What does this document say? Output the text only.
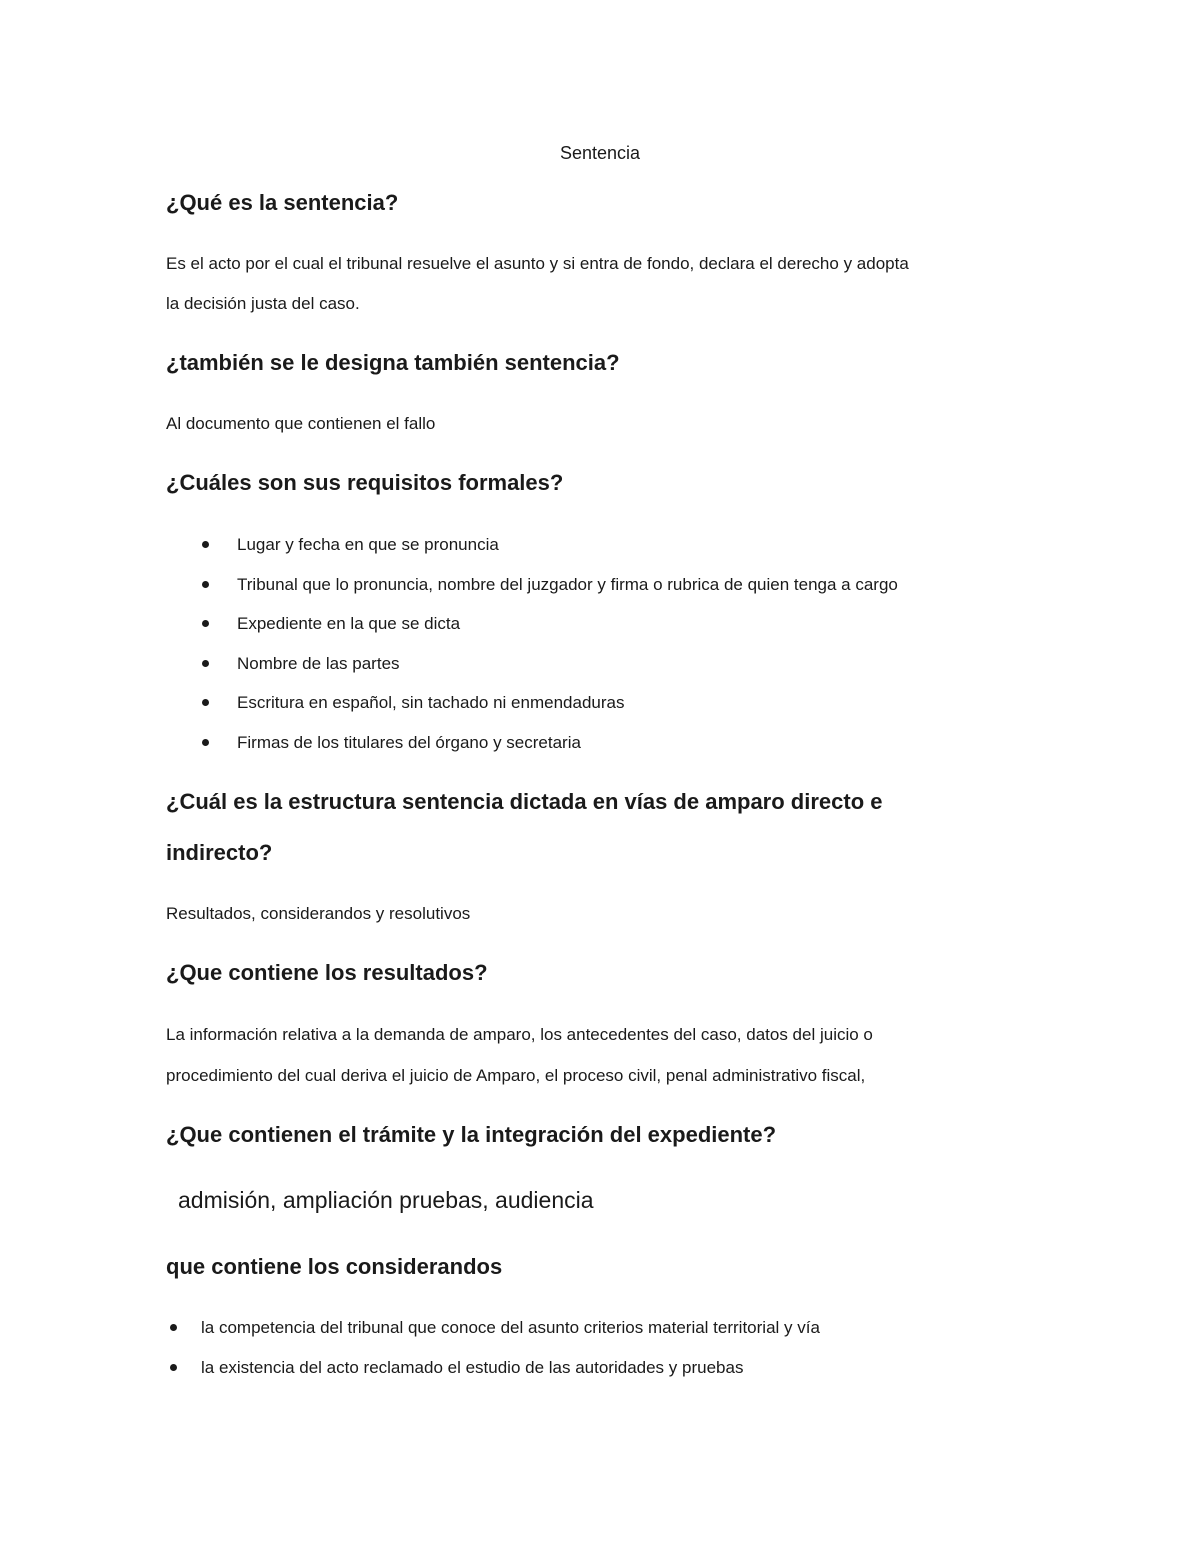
Sentencia
¿Qué es la sentencia?
Es el acto por el cual el tribunal resuelve el asunto y si entra de fondo, declara el derecho y adopta
la decisión justa del caso.
¿también se le designa también sentencia?
Al documento que contienen el fallo
¿Cuáles son sus requisitos formales?
Lugar y fecha en que se pronuncia
Tribunal que lo pronuncia, nombre del juzgador y firma o rubrica de quien tenga a cargo
Expediente en la que se dicta
Nombre de las partes
Escritura en español, sin tachado ni enmendaduras
Firmas de los titulares del órgano y secretaria
¿Cuál es la estructura sentencia dictada en vías de amparo directo e
indirecto?
Resultados, considerandos y resolutivos
¿Que contiene los resultados?
La información relativa a la demanda de amparo, los antecedentes del caso, datos del juicio o
procedimiento del cual deriva el juicio de Amparo, el proceso civil, penal administrativo fiscal,
¿Que contienen el trámite y la integración del expediente?
admisión, ampliación pruebas, audiencia
que contiene los considerandos
la competencia del tribunal que conoce del asunto criterios material territorial y vía
la existencia del acto reclamado el estudio de las autoridades y pruebas
